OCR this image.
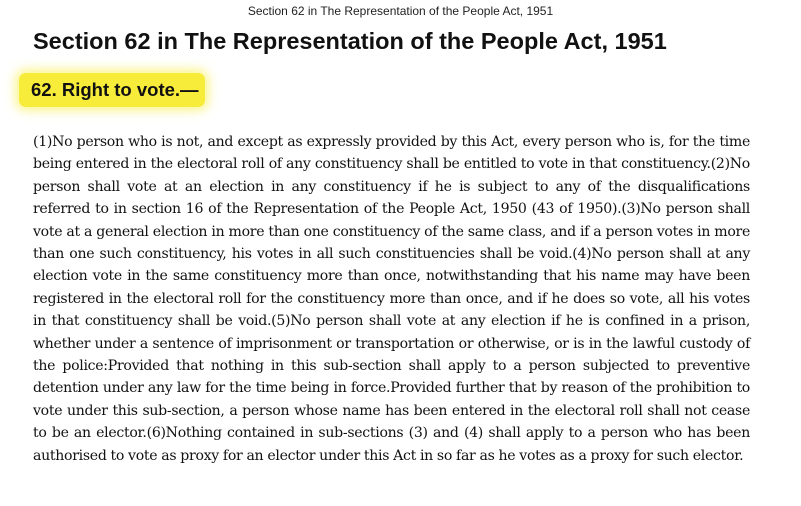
Section 62 in The Representation of the People Act, 1951
Section 62 in The Representation of the People Act, 1951
62. Right to vote.—

(1)No person who is not, and except as expressly provided by this Act, every person who is, for the time being entered in the electoral roll of any constituency shall be entitled to vote in that constituency.(2)No person shall vote at an election in any constituency if he is subject to any of the disqualifications referred to in section 16 of the Representation of the People Act, 1950 (43 of 1950).(3)No person shall vote at a general election in more than one constituency of the same class, and if a person votes in more than one such constituency, his votes in all such constituencies shall be void.(4)No person shall at any election vote in the same constituency more than once, notwithstanding that his name may have been registered in the electoral roll for the constituency more than once, and if he does so vote, all his votes in that constituency shall be void.(5)No person shall vote at any election if he is confined in a prison, whether under a sentence of imprisonment or transportation or otherwise, or is in the lawful custody of the police:Provided that nothing in this sub-section shall apply to a person subjected to preventive detention under any law for the time being in force.Provided further that by reason of the prohibition to vote under this sub-section, a person whose name has been entered in the electoral roll shall not cease to be an elector.(6)Nothing contained in sub-sections (3) and (4) shall apply to a person who has been authorised to vote as proxy for an elector under this Act in so far as he votes as a proxy for such elector.
